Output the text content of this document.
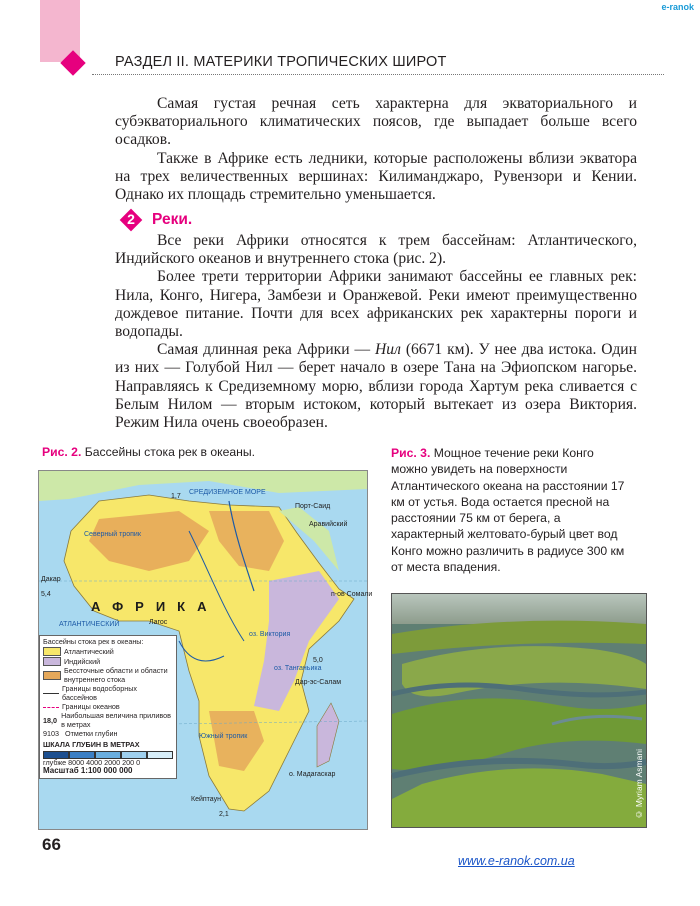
РАЗДЕЛ II. МАТЕРИКИ ТРОПИЧЕСКИХ ШИРОТ
e-ranok

Самая густая речная сеть характерна для экваториального и субэкваториального климатических поясов, где выпадает больше всего осадков.

Также в Африке есть ледники, которые расположены вблизи экватора на трех величественных вершинах: Килиманджаро, Рувензори и Кении. Однако их площадь стремительно уменьшается.

2	Реки.

Все реки Африки относятся к трем бассейнам: Атлантического, Индийского океанов и внутреннего стока (рис. 2).

Более трети территории Африки занимают бассейны ее главных рек: Нила, Конго, Нигера, Замбези и Оранжевой. Реки имеют преимущественно дождевое питание. Почти для всех африканских рек характерны пороги и водопады.

Самая длинная река Африки — Нил (6671 км). У нее два истока. Один из них — Голубой Нил — берет начало в озере Тана на Эфиопском нагорье. Направляясь к Средиземному морю, вблизи города Хартум река сливается с Белым Нилом — вторым истоком, который вытекает из озера Виктория. Режим Нила очень своеобразен.

Рис. 2. Бассейны стока рек в океаны.
СРЕДИЗЕМНОЕ МОРЕ
Порт-Саид
Аравийский
Северный тропик
АФРИКА
Дакар
Лагос
оз. Виктория
оз. Танганьика
Дар-эс-Салам
п-ов Сомали
о. Мадагаскар
Кейптаун
Южный тропик
АТЛАНТИЧЕСКИЙ
1,7
5,4
5,0
2,1
Бассейны стока рек в океаны:
Атлантический
Индийский
Бессточные области и области внутреннего стока
Границы водосборных бассейнов
Границы океанов
18,0 Наибольшая величина приливов в метрах
9103 Отметки глубин
ШКАЛА ГЛУБИН В МЕТРАХ
глубже 8000 4000 2000 200 0
Масштаб 1:100 000 000
Рис. 3. Мощное течение реки Конго можно увидеть на поверхности Атлантического океана на расстоянии 17 км от устья. Вода остается пресной на расстоянии 75 км от берега, а характерный желтовато-бурый цвет вод Конго можно различить в радиусе 300 км от места впадения.
© Myriam Asmani
66
www.e-ranok.com.ua
